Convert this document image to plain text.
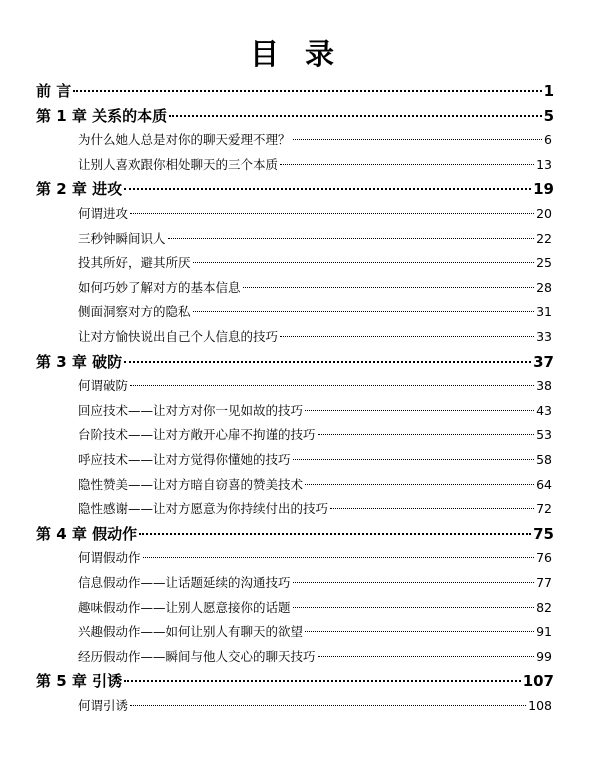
目 录
前 言	1
第 1 章 关系的本质	5
为什么她人总是对你的聊天爱理不理？	6
让别人喜欢跟你相处聊天的三个本质	13
第 2 章 进攻	19
何谓进攻	20
三秒钟瞬间识人	22
投其所好，避其所厌	25
如何巧妙了解对方的基本信息	28
侧面洞察对方的隐私	31
让对方愉快说出自己个人信息的技巧	33
第 3 章 破防	37
何谓破防	38
回应技术——让对方对你一见如故的技巧	43
台阶技术——让对方敞开心扉不拘谨的技巧	53
呼应技术——让对方觉得你懂她的技巧	58
隐性赞美——让对方暗自窃喜的赞美技术	64
隐性感谢——让对方愿意为你持续付出的技巧	72
第 4 章 假动作	75
何谓假动作	76
信息假动作——让话题延续的沟通技巧	77
趣味假动作——让别人愿意接你的话题	82
兴趣假动作——如何让别人有聊天的欲望	91
经历假动作——瞬间与他人交心的聊天技巧	99
第 5 章 引诱	107
何谓引诱	108
